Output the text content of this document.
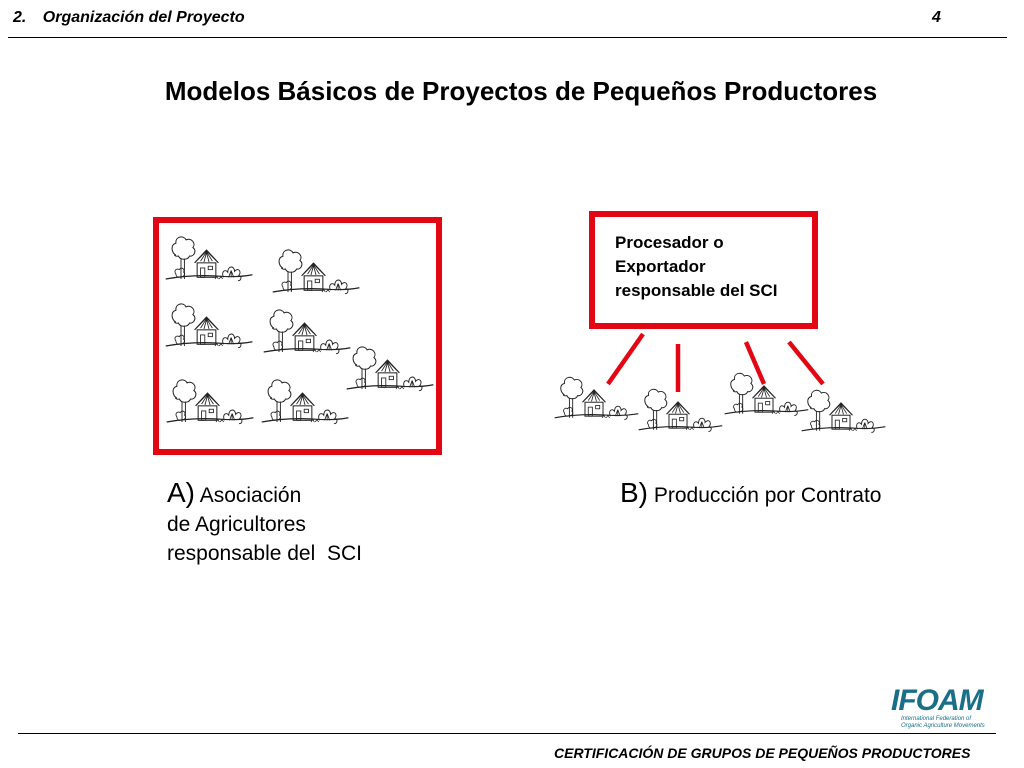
2. Organización del Proyecto	4
Modelos Básicos de Proyectos de Pequeños Productores
Procesador o
Exportador
responsable del SCI
A) Asociación
de Agricultores
responsable del  SCI
B) Producción por Contrato
IFOAM
International Federation of
Organic Agriculture Movements
CERTIFICACIÓN DE GRUPOS DE PEQUEÑOS PRODUCTORES
